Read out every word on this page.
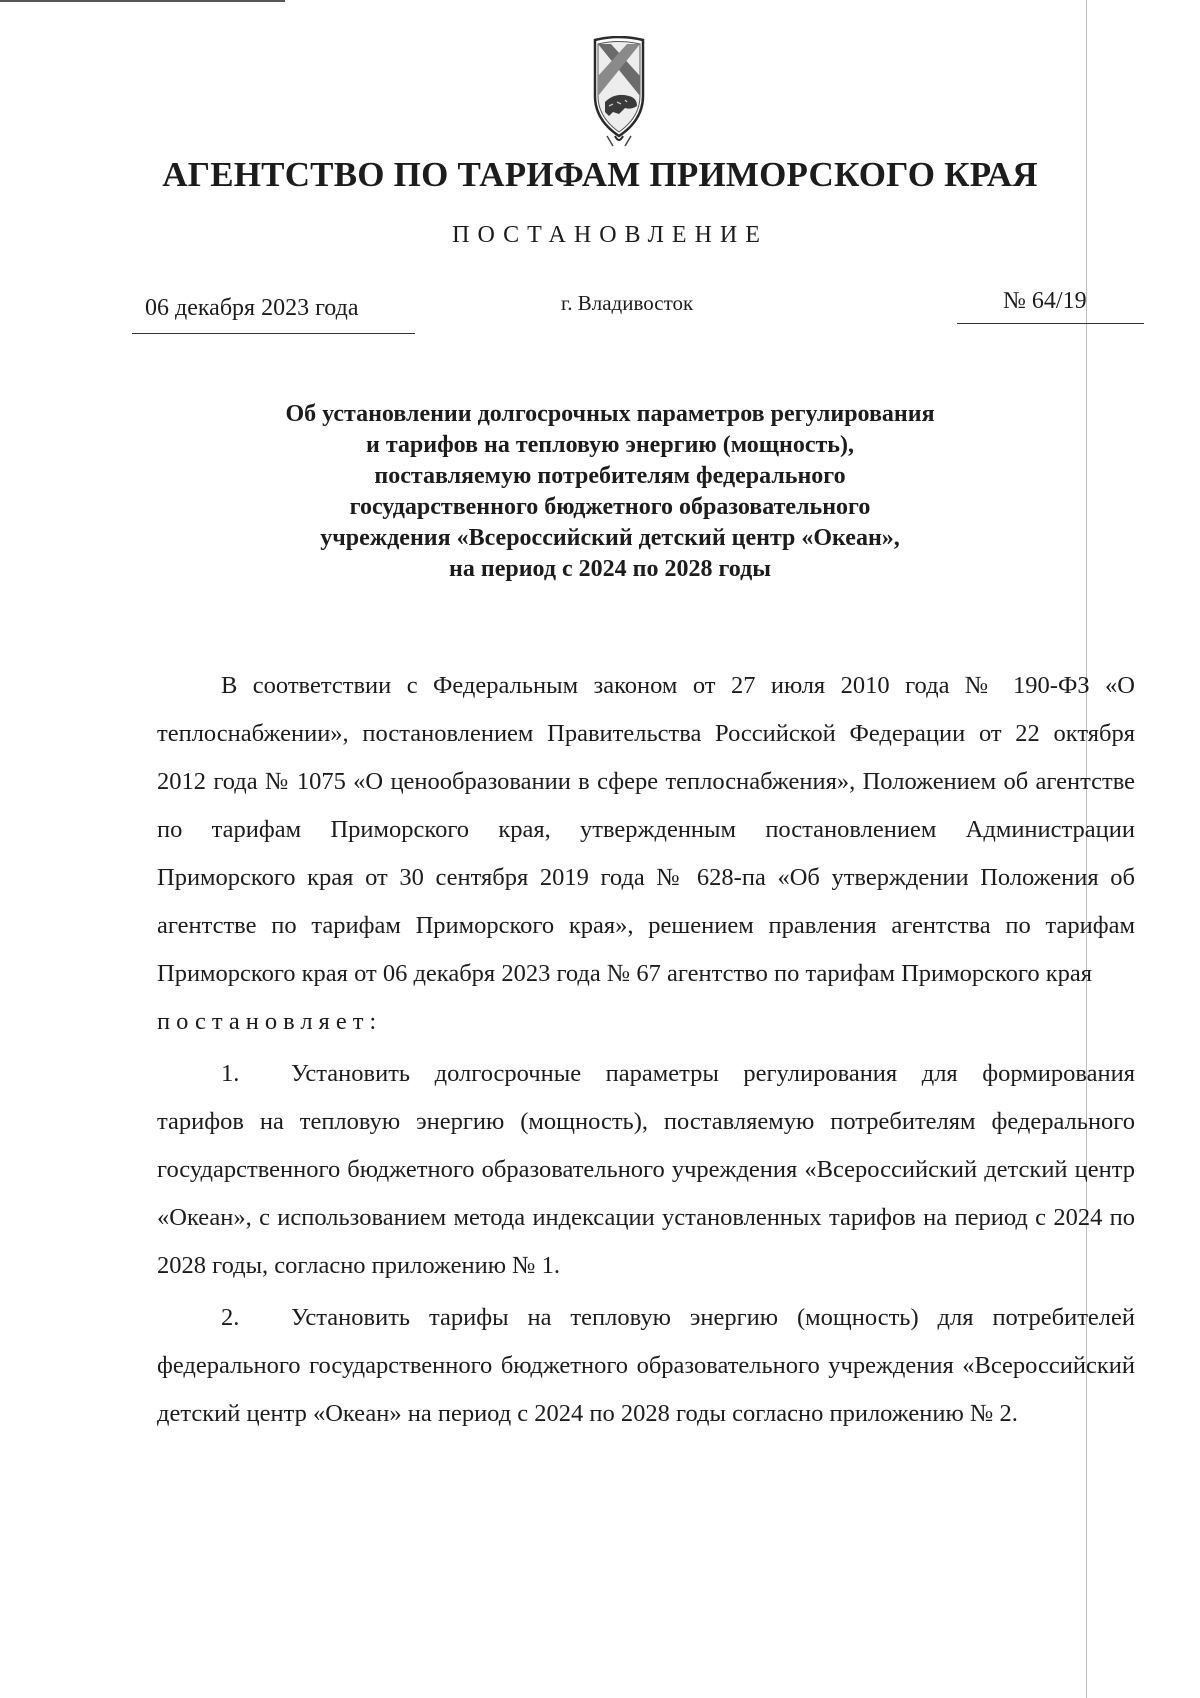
АГЕНТСТВО ПО ТАРИФАМ ПРИМОРСКОГО КРАЯ
ПОСТАНОВЛЕНИЕ
06 декабря 2023 года	г. Владивосток	№ 64/19
Об установлении долгосрочных параметров регулирования
и тарифов на тепловую энергию (мощность),
поставляемую потребителям федерального
государственного бюджетного образовательного
учреждения «Всероссийский детский центр «Океан»,
на период с 2024 по 2028 годы

В соответствии с Федеральным законом от 27 июля 2010 года № 190-ФЗ «О теплоснабжении», постановлением Правительства Российской Федерации от 22 октября 2012 года № 1075 «О ценообразовании в сфере теплоснабжения», Положением об агентстве по тарифам Приморского края, утвержденным постановлением Администрации Приморского края от 30 сентября 2019 года № 628-па «Об утверждении Положения об агентстве по тарифам Приморского края», решением правления агентства по тарифам Приморского края от 06 декабря 2023 года № 67 агентство по тарифам Приморского края

постановляет:

1. Установить долгосрочные параметры регулирования для формирования тарифов на тепловую энергию (мощность), поставляемую потребителям федерального государственного бюджетного образовательного учреждения «Всероссийский детский центр «Океан», с использованием метода индексации установленных тарифов на период с 2024 по 2028 годы, согласно приложению № 1.

2. Установить тарифы на тепловую энергию (мощность) для потребителей федерального государственного бюджетного образовательного учреждения «Всероссийский детский центр «Океан» на период с 2024 по 2028 годы согласно приложению № 2.
